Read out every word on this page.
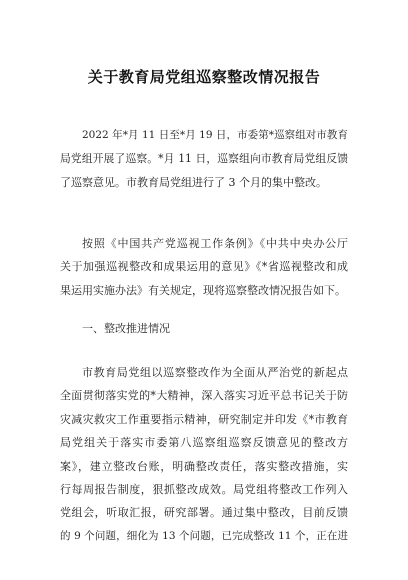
关于教育局党组巡察整改情况报告
2022 年*月 11 日至*月 19 日，市委第*巡察组对市教育
局党组开展了巡察。*月 11 日，巡察组向市教育局党组反馈
了巡察意见。市教育局党组进行了 3 个月的集中整改。
按照《中国共产党巡视工作条例》《中共中央办公厅
关于加强巡视整改和成果运用的意见》《*省巡视整改和成
果运用实施办法》有关规定，现将巡察整改情况报告如下。
一、整改推进情况
市教育局党组以巡察整改作为全面从严治党的新起点
全面贯彻落实党的*大精神，深入落实习近平总书记关于防
灾减灾救灾工作重要指示精神，研究制定并印发《*市教育
局党组关于落实市委第八巡察组巡察反馈意见的整改方
案》，建立整改台账，明确整改责任，落实整改措施，实
行每周报告制度，狠抓整改成效。局党组将整改工作列入
党组会，听取汇报，研究部署。通过集中整改，目前反馈
的 9 个问题，细化为 13 个问题，已完成整改 11 个，正在进
